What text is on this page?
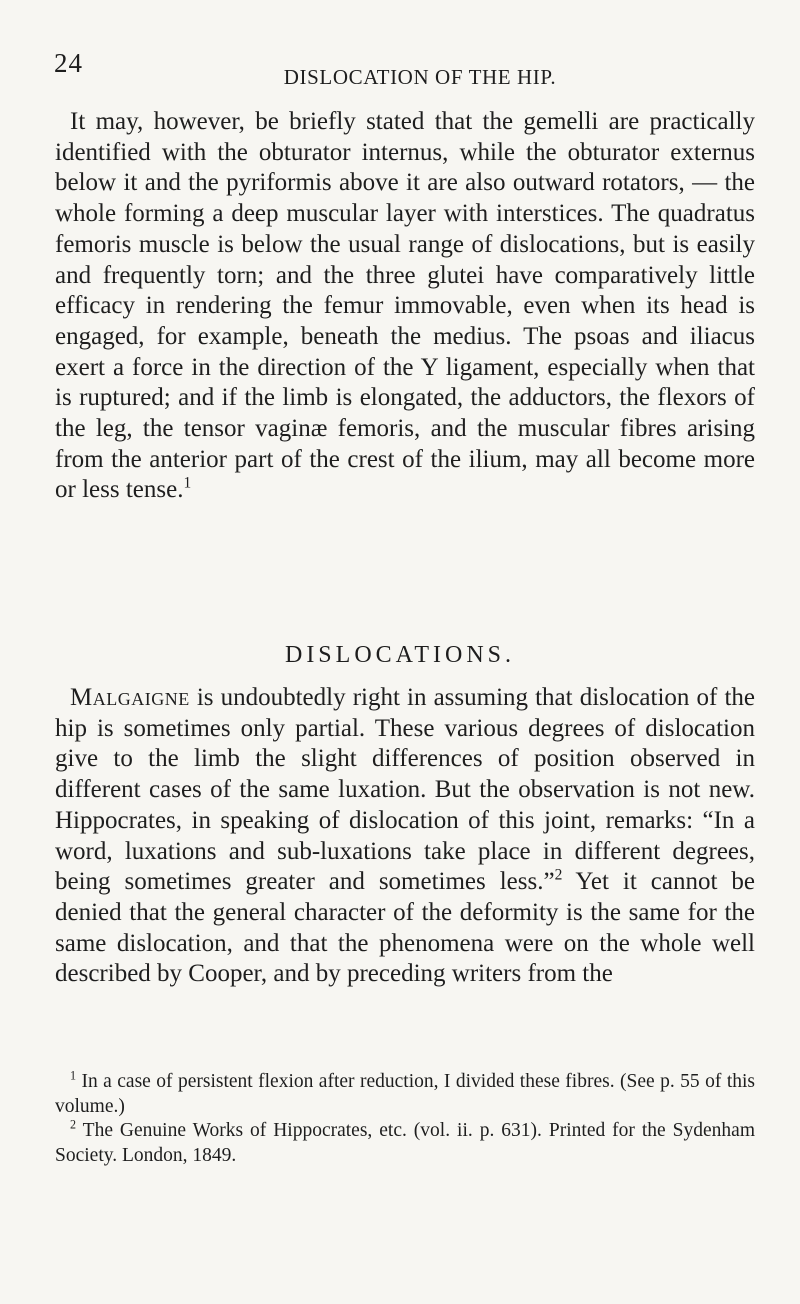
24	DISLOCATION OF THE HIP.

It may, however, be briefly stated that the gemelli are practically identified with the obturator internus, while the obturator externus below it and the pyriformis above it are also outward rotators, — the whole forming a deep muscular layer with interstices. The quadratus femoris muscle is below the usual range of dislocations, but is easily and frequently torn; and the three glutei have comparatively little efficacy in rendering the femur immovable, even when its head is engaged, for example, beneath the medius. The psoas and iliacus exert a force in the direction of the Y ligament, especially when that is ruptured; and if the limb is elongated, the adductors, the flexors of the leg, the tensor vaginæ femoris, and the muscular fibres arising from the anterior part of the crest of the ilium, may all become more or less tense.$^1$

DISLOCATIONS.

Malgaigne is undoubtedly right in assuming that dislocation of the hip is sometimes only partial. These various degrees of dislocation give to the limb the slight differences of position observed in different cases of the same luxation. But the observation is not new. Hippocrates, in speaking of dislocation of this joint, remarks: “In a word, luxations and sub-luxations take place in different degrees, being sometimes greater and sometimes less.”$^2$ Yet it cannot be denied that the general character of the deformity is the same for the same dislocation, and that the phenomena were on the whole well described by Cooper, and by preceding writers from the

$^1$ In a case of persistent flexion after reduction, I divided these fibres. (See p. 55 of this volume.)

$^2$ The Genuine Works of Hippocrates, etc. (vol. ii. p. 631). Printed for the Sydenham Society. London, 1849.
